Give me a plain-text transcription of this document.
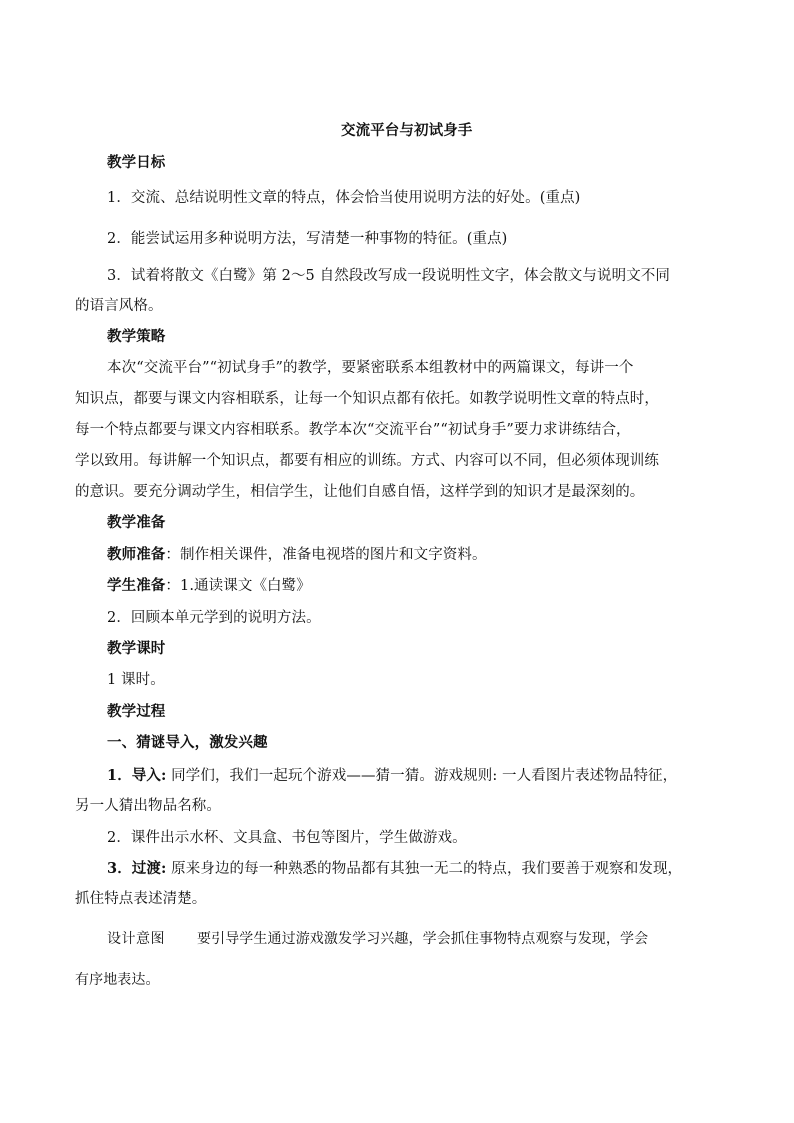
交流平台与初试身手
教学日标
1．交流、总结说明性文章的特点，体会恰当使用说明方法的好处。(重点)
2．能尝试运用多种说明方法，写清楚一种事物的特征。(重点)
3．试着将散文《白鹭》第 2～5 自然段改写成一段说明性文字，体会散文与说明文不同
的语言风格。
教学策略
本次“交流平台”“初试身手”的教学，要紧密联系本组教材中的两篇课文，每讲一个
知识点，都要与课文内容相联系，让每一个知识点都有依托。如教学说明性文章的特点时，
每一个特点都要与课文内容相联系。教学本次“交流平台”“初试身手”要力求讲练结合，
学以致用。每讲解一个知识点，都要有相应的训练。方式、内容可以不同，但必须体现训练
的意识。要充分调动学生，相信学生，让他们自感自悟，这样学到的知识才是最深刻的。
教学准备
教师准备：制作相关课件，准备电视塔的图片和文字资料。
学生准备：1.通读课文《白鹭》
2．回顾本单元学到的说明方法。
教学课时
1 课时。
教学过程
一、猜谜导入，激发兴趣
1．导入: 同学们，我们一起玩个游戏——猜一猜。游戏规则: 一人看图片表述物品特征，
另一人猜出物品名称。
2．课件出示水杯、文具盒、书包等图片，学生做游戏。
3．过渡: 原来身边的每一种熟悉的物品都有其独一无二的特点，我们要善于观察和发现，
抓住特点表述清楚。
设计意图 要引导学生通过游戏激发学习兴趣，学会抓住事物特点观察与发现，学会
有序地表达。
